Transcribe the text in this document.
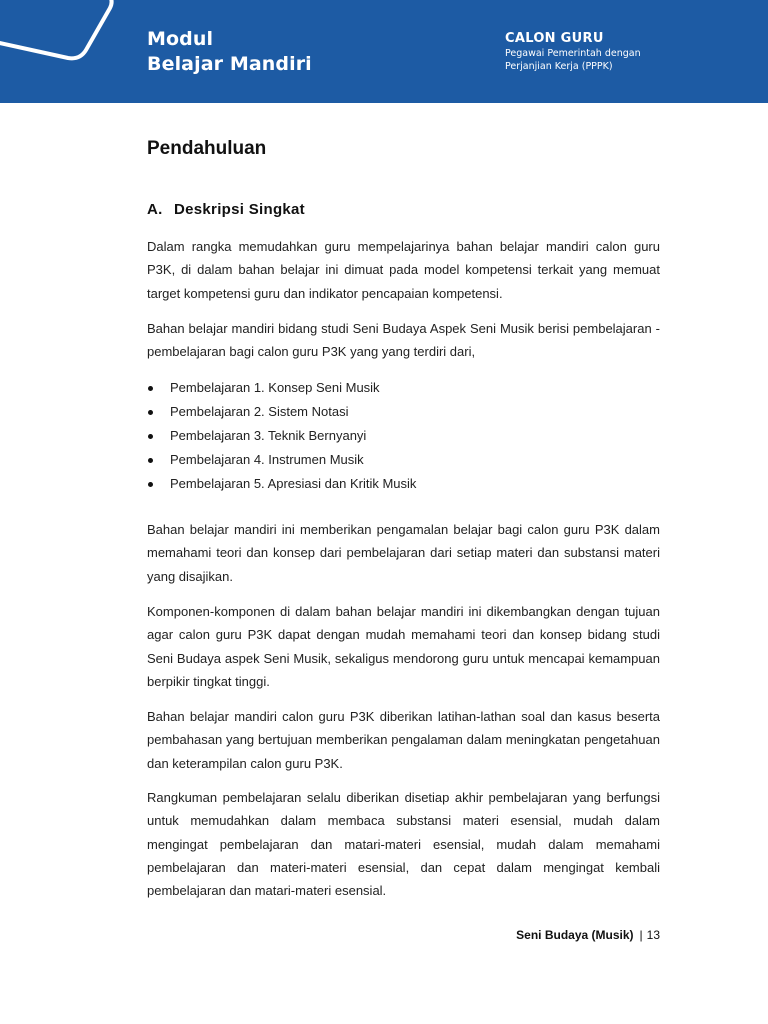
Modul
Belajar Mandiri
CALON GURU
Pegawai Pemerintah dengan
Perjanjian Kerja (PPPK)
Pendahuluan
A. Deskripsi Singkat

Dalam rangka memudahkan guru mempelajarinya bahan belajar mandiri calon guru P3K, di dalam bahan belajar ini dimuat pada model kompetensi terkait yang memuat target kompetensi guru dan indikator pencapaian kompetensi.

Bahan belajar mandiri bidang studi Seni Budaya Aspek Seni Musik berisi pembelajaran - pembelajaran bagi calon guru P3K yang yang terdiri dari,

Pembelajaran 1. Konsep Seni Musik
Pembelajaran 2. Sistem Notasi
Pembelajaran 3. Teknik Bernyanyi
Pembelajaran 4. Instrumen Musik
Pembelajaran 5. Apresiasi dan Kritik Musik

Bahan belajar mandiri ini memberikan pengamalan belajar bagi calon guru P3K dalam memahami teori dan konsep dari pembelajaran dari setiap materi dan substansi materi yang disajikan.

Komponen-komponen di dalam bahan belajar mandiri ini dikembangkan dengan tujuan agar calon guru P3K dapat dengan mudah memahami teori dan konsep bidang studi Seni Budaya aspek Seni Musik, sekaligus mendorong guru untuk mencapai kemampuan berpikir tingkat tinggi.

Bahan belajar mandiri calon guru P3K diberikan latihan-lathan soal dan kasus beserta pembahasan yang bertujuan memberikan pengalaman dalam meningkatan pengetahuan dan keterampilan calon guru P3K.

Rangkuman pembelajaran selalu diberikan disetiap akhir pembelajaran yang berfungsi untuk memudahkan dalam membaca substansi materi esensial, mudah dalam mengingat pembelajaran dan matari-materi esensial, mudah dalam memahami pembelajaran dan materi-materi esensial, dan cepat dalam mengingat kembali pembelajaran dan matari-materi esensial.

Seni Budaya (Musik) | 13
